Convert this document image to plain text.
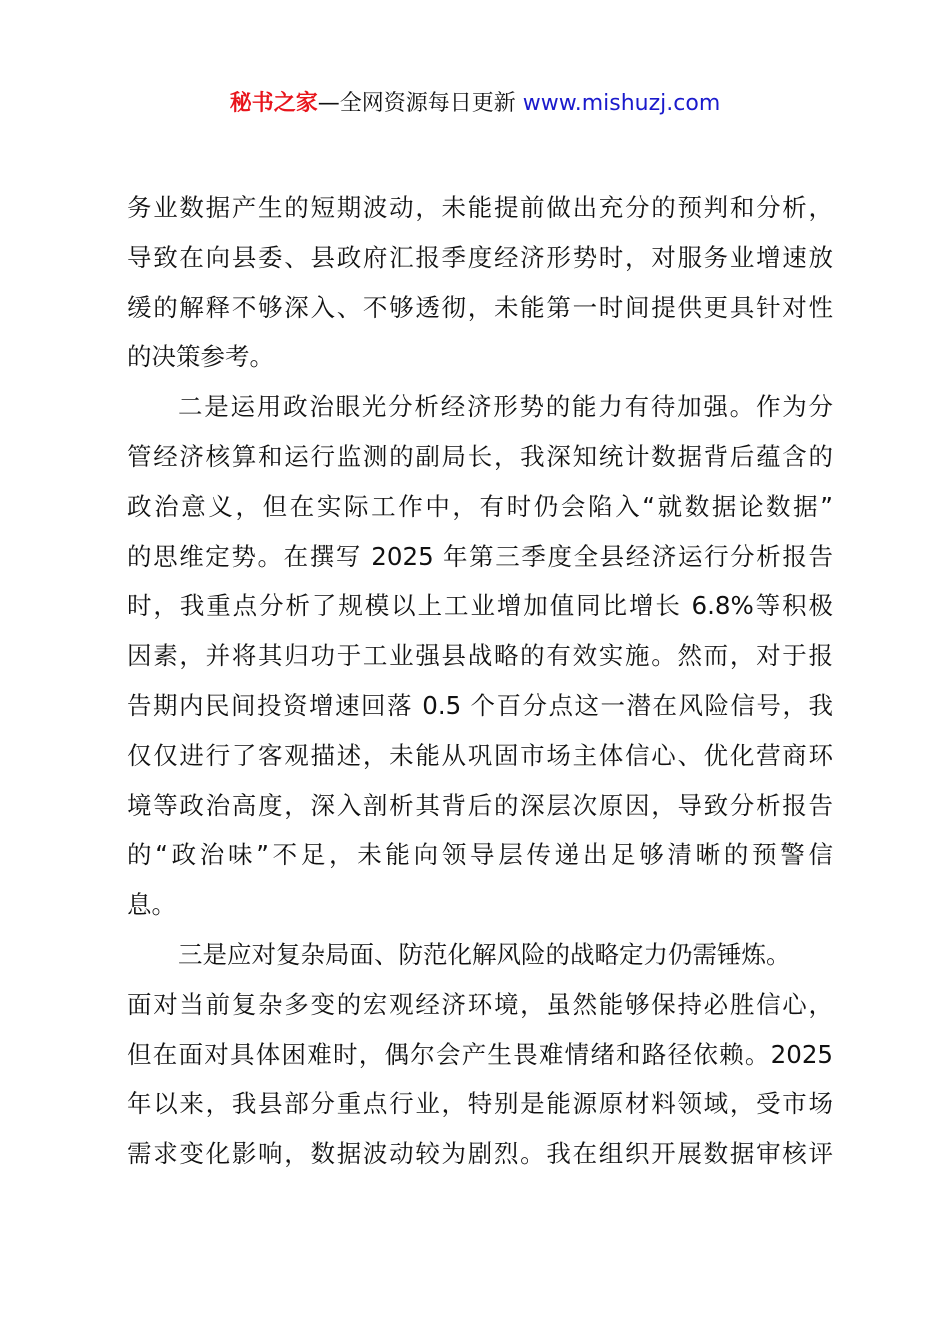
秘书之家—全网资源每日更新 www.mishuzj.com
务业数据产生的短期波动，未能提前做出充分的预判和分析，
导致在向县委、县政府汇报季度经济形势时，对服务业增速放
缓的解释不够深入、不够透彻，未能第一时间提供更具针对性
的决策参考。
二是运用政治眼光分析经济形势的能力有待加强。作为分
管经济核算和运行监测的副局长，我深知统计数据背后蕴含的
政治意义，但在实际工作中，有时仍会陷入“就数据论数据”
的思维定势。在撰写 2025 年第三季度全县经济运行分析报告
时，我重点分析了规模以上工业增加值同比增长 6.8%等积极
因素，并将其归功于工业强县战略的有效实施。然而，对于报
告期内民间投资增速回落 0.5 个百分点这一潜在风险信号，我
仅仅进行了客观描述，未能从巩固市场主体信心、优化营商环
境等政治高度，深入剖析其背后的深层次原因，导致分析报告
的“政治味”不足，未能向领导层传递出足够清晰的预警信
息。
三是应对复杂局面、防范化解风险的战略定力仍需锤炼。
面对当前复杂多变的宏观经济环境，虽然能够保持必胜信心，
但在面对具体困难时，偶尔会产生畏难情绪和路径依赖。2025
年以来，我县部分重点行业，特别是能源原材料领域，受市场
需求变化影响，数据波动较为剧烈。我在组织开展数据审核评
